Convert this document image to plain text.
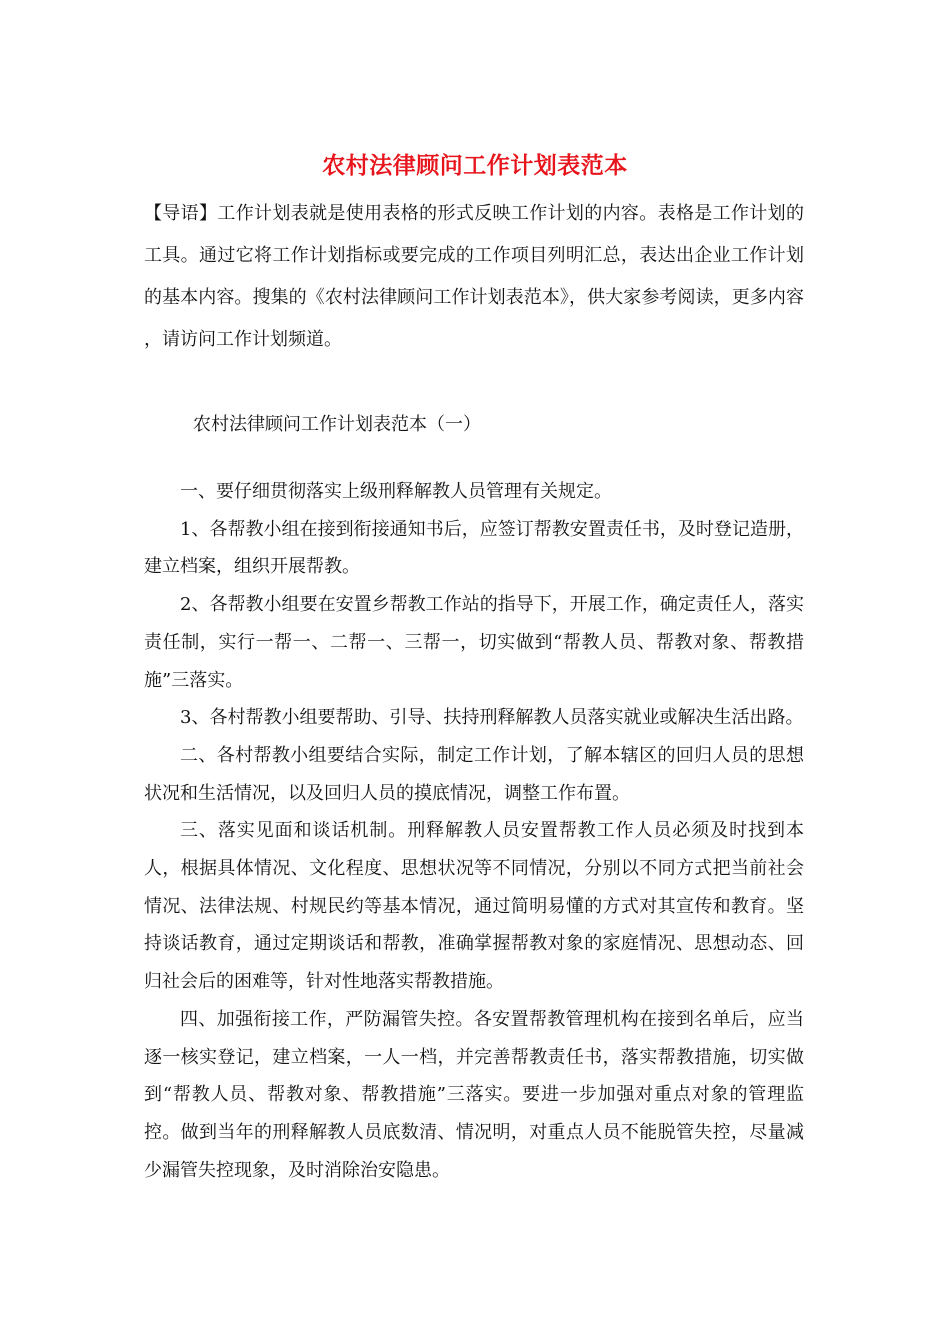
农村法律顾问工作计划表范本
【导语】工作计划表就是使用表格的形式反映工作计划的内容。表格是工作计划的工具。通过它将工作计划指标或要完成的工作项目列明汇总，表达出企业工作计划的基本内容。搜集的《农村法律顾问工作计划表范本》，供大家参考阅读，更多内容 ，请访问工作计划频道。
农村法律顾问工作计划表范本（一）

一、要仔细贯彻落实上级刑释解教人员管理有关规定。

1、各帮教小组在接到衔接通知书后，应签订帮教安置责任书，及时登记造册，建立档案，组织开展帮教。

2、各帮教小组要在安置乡帮教工作站的指导下，开展工作，确定责任人，落实责任制，实行一帮一、二帮一、三帮一，切实做到“帮教人员、帮教对象、帮教措施”三落实。

3、各村帮教小组要帮助、引导、扶持刑释解教人员落实就业或解决生活出路。

二、各村帮教小组要结合实际，制定工作计划，了解本辖区的回归人员的思想状况和生活情况，以及回归人员的摸底情况，调整工作布置。

三、落实见面和谈话机制。刑释解教人员安置帮教工作人员必须及时找到本人，根据具体情况、文化程度、思想状况等不同情况，分别以不同方式把当前社会情况、法律法规、村规民约等基本情况，通过简明易懂的方式对其宣传和教育。坚持谈话教育，通过定期谈话和帮教，准确掌握帮教对象的家庭情况、思想动态、回归社会后的困难等，针对性地落实帮教措施。

四、加强衔接工作，严防漏管失控。各安置帮教管理机构在接到名单后，应当逐一核实登记，建立档案，一人一档，并完善帮教责任书，落实帮教措施，切实做到“帮教人员、帮教对象、帮教措施”三落实。要进一步加强对重点对象的管理监控。做到当年的刑释解教人员底数清、情况明，对重点人员不能脱管失控，尽量减少漏管失控现象，及时消除治安隐患。
